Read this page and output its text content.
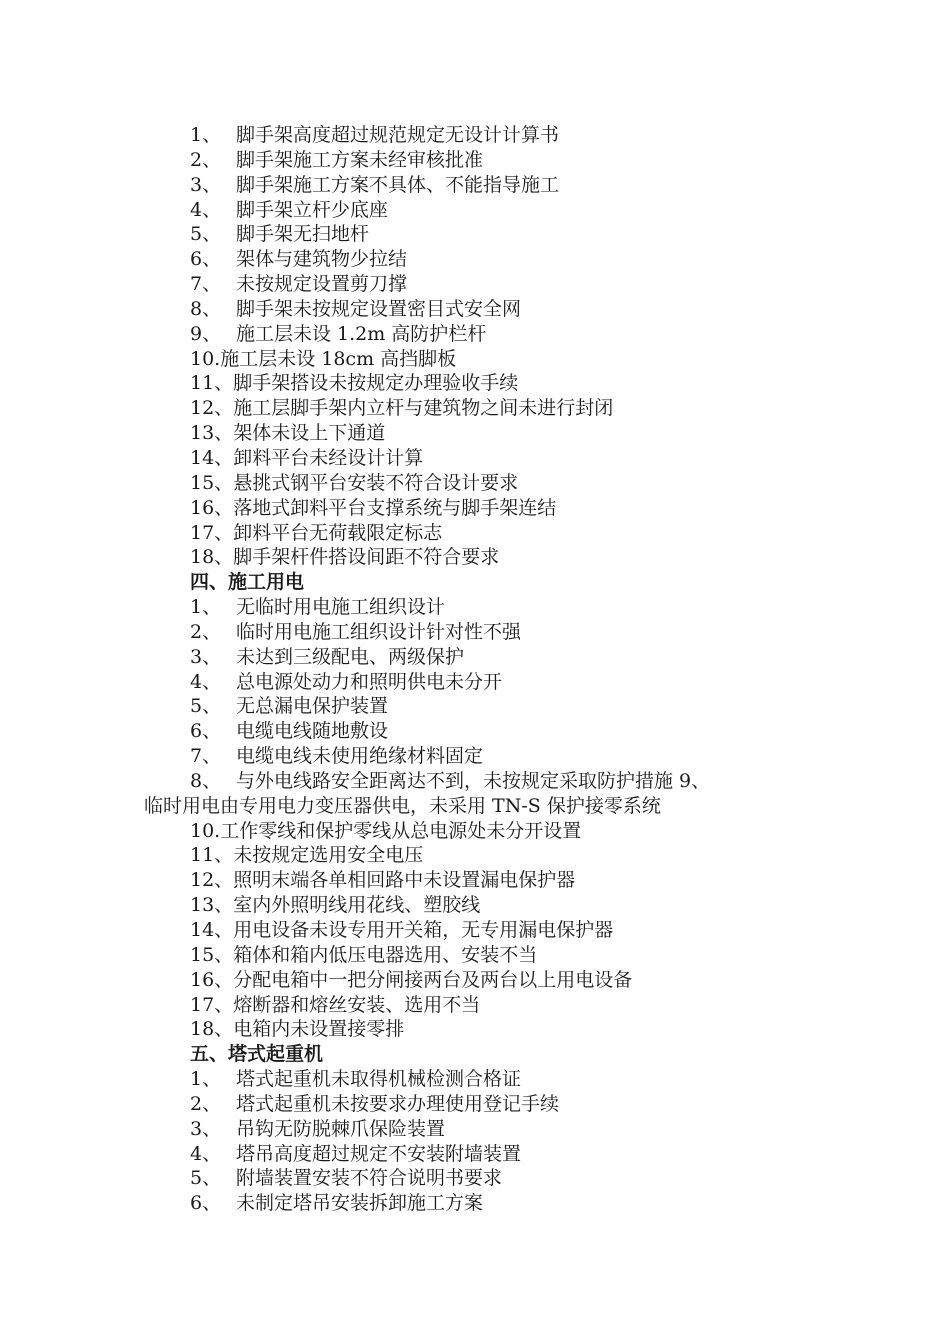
1、 脚手架高度超过规范规定无设计计算书
2、 脚手架施工方案未经审核批准
3、 脚手架施工方案不具体、不能指导施工
4、 脚手架立杆少底座
5、 脚手架无扫地杆
6、 架体与建筑物少拉结
7、 未按规定设置剪刀撑
8、 脚手架未按规定设置密目式安全网
9、 施工层未设 1.2m 高防护栏杆
10.施工层未设 18cm 高挡脚板
11、脚手架搭设未按规定办理验收手续
12、施工层脚手架内立杆与建筑物之间未进行封闭
13、架体未设上下通道
14、卸料平台未经设计计算
15、悬挑式钢平台安装不符合设计要求
16、落地式卸料平台支撑系统与脚手架连结
17、卸料平台无荷载限定标志
18、脚手架杆件搭设间距不符合要求
四、施工用电
1、 无临时用电施工组织设计
2、 临时用电施工组织设计针对性不强
3、 未达到三级配电、两级保护
4、 总电源处动力和照明供电未分开
5、 无总漏电保护装置
6、 电缆电线随地敷设
7、 电缆电线未使用绝缘材料固定
8、 与外电线路安全距离达不到，未按规定采取防护措施 9、
临时用电由专用电力变压器供电，未采用 TN-S 保护接零系统
10.工作零线和保护零线从总电源处未分开设置
11、未按规定选用安全电压
12、照明末端各单相回路中未设置漏电保护器
13、室内外照明线用花线、塑胶线
14、用电设备未设专用开关箱，无专用漏电保护器
15、箱体和箱内低压电器选用、安装不当
16、分配电箱中一把分闸接两台及两台以上用电设备
17、熔断器和熔丝安装、选用不当
18、电箱内未设置接零排
五、塔式起重机
1、 塔式起重机未取得机械检测合格证
2、 塔式起重机未按要求办理使用登记手续
3、 吊钩无防脱棘爪保险装置
4、 塔吊高度超过规定不安装附墙装置
5、 附墙装置安装不符合说明书要求
6、 未制定塔吊安装拆卸施工方案
